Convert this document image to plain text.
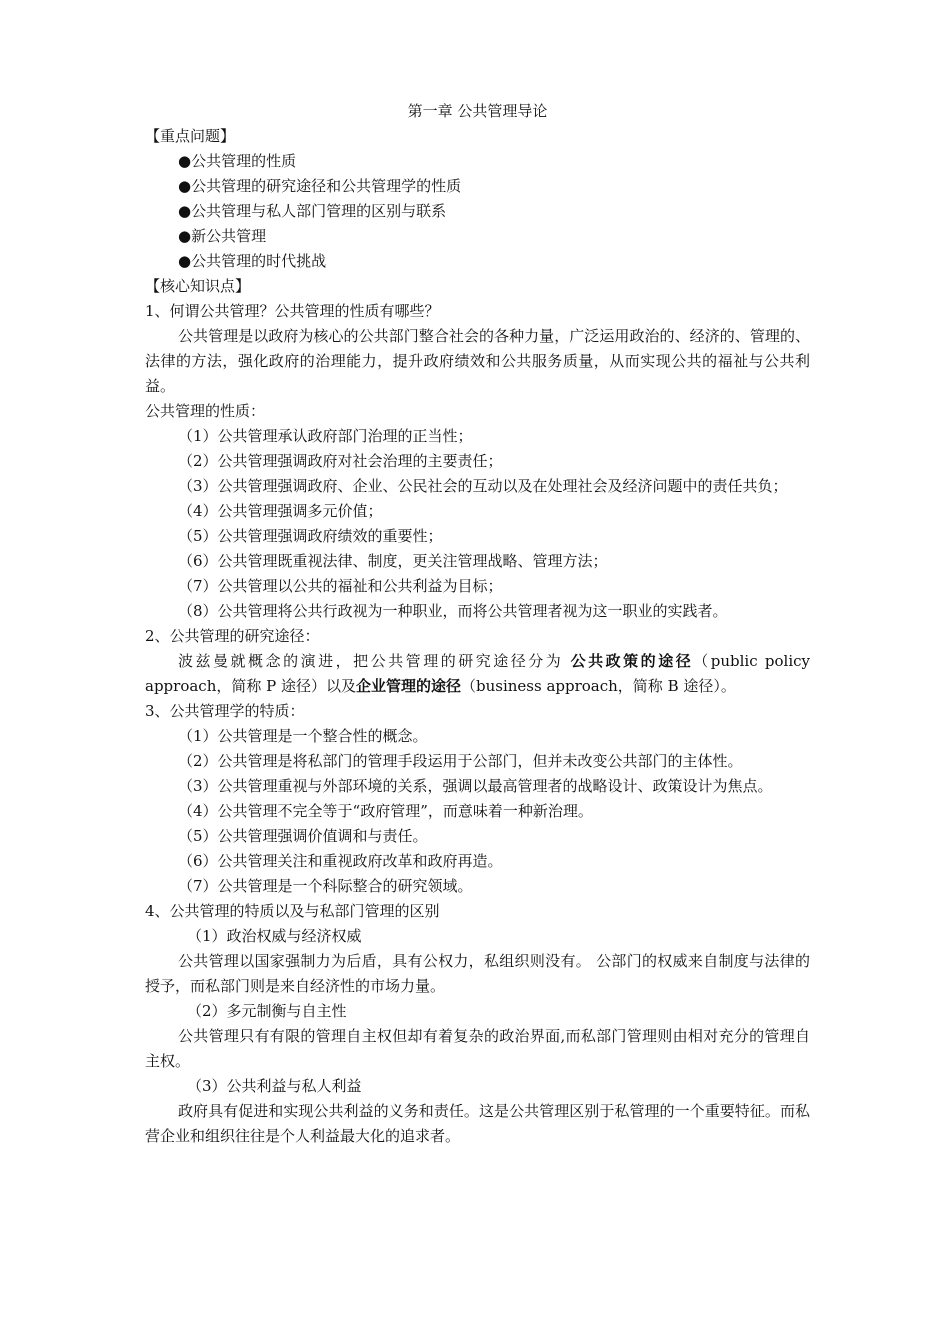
第一章 公共管理导论

【重点问题】

●公共管理的性质

●公共管理的研究途径和公共管理学的性质

●公共管理与私人部门管理的区别与联系

●新公共管理

●公共管理的时代挑战

【核心知识点】

1、何谓公共管理？公共管理的性质有哪些？

公共管理是以政府为核心的公共部门整合社会的各种力量，广泛运用政治的、经济的、管理的、法律的方法，强化政府的治理能力，提升政府绩效和公共服务质量，从而实现公共的福祉与公共利益。

公共管理的性质：

（1）公共管理承认政府部门治理的正当性；

（2）公共管理强调政府对社会治理的主要责任；

（3）公共管理强调政府、企业、公民社会的互动以及在处理社会及经济问题中的责任共负；

（4）公共管理强调多元价值；

（5）公共管理强调政府绩效的重要性；

（6）公共管理既重视法律、制度，更关注管理战略、管理方法；

（7）公共管理以公共的福祉和公共利益为目标；

（8）公共管理将公共行政视为一种职业，而将公共管理者视为这一职业的实践者。

2、公共管理的研究途径：

波兹曼就概念的演进，把公共管理的研究途径分为 公共政策的途径（public policy approach，简称 P 途径）以及企业管理的途径（business approach，简称 B 途径）。

3、公共管理学的特质：

（1）公共管理是一个整合性的概念。

（2）公共管理是将私部门的管理手段运用于公部门，但并未改变公共部门的主体性。

（3）公共管理重视与外部环境的关系，强调以最高管理者的战略设计、政策设计为焦点。

（4）公共管理不完全等于“政府管理”，而意味着一种新治理。

（5）公共管理强调价值调和与责任。

（6）公共管理关注和重视政府改革和政府再造。

（7）公共管理是一个科际整合的研究领域。

4、公共管理的特质以及与私部门管理的区别

（1）政治权威与经济权威

公共管理以国家强制力为后盾，具有公权力，私组织则没有。 公部门的权威来自制度与法律的授予，而私部门则是来自经济性的市场力量。

（2）多元制衡与自主性

公共管理只有有限的管理自主权但却有着复杂的政治界面,而私部门管理则由相对充分的管理自主权。

（3）公共利益与私人利益

政府具有促进和实现公共利益的义务和责任。这是公共管理区别于私管理的一个重要特征。而私营企业和组织往往是个人利益最大化的追求者。
